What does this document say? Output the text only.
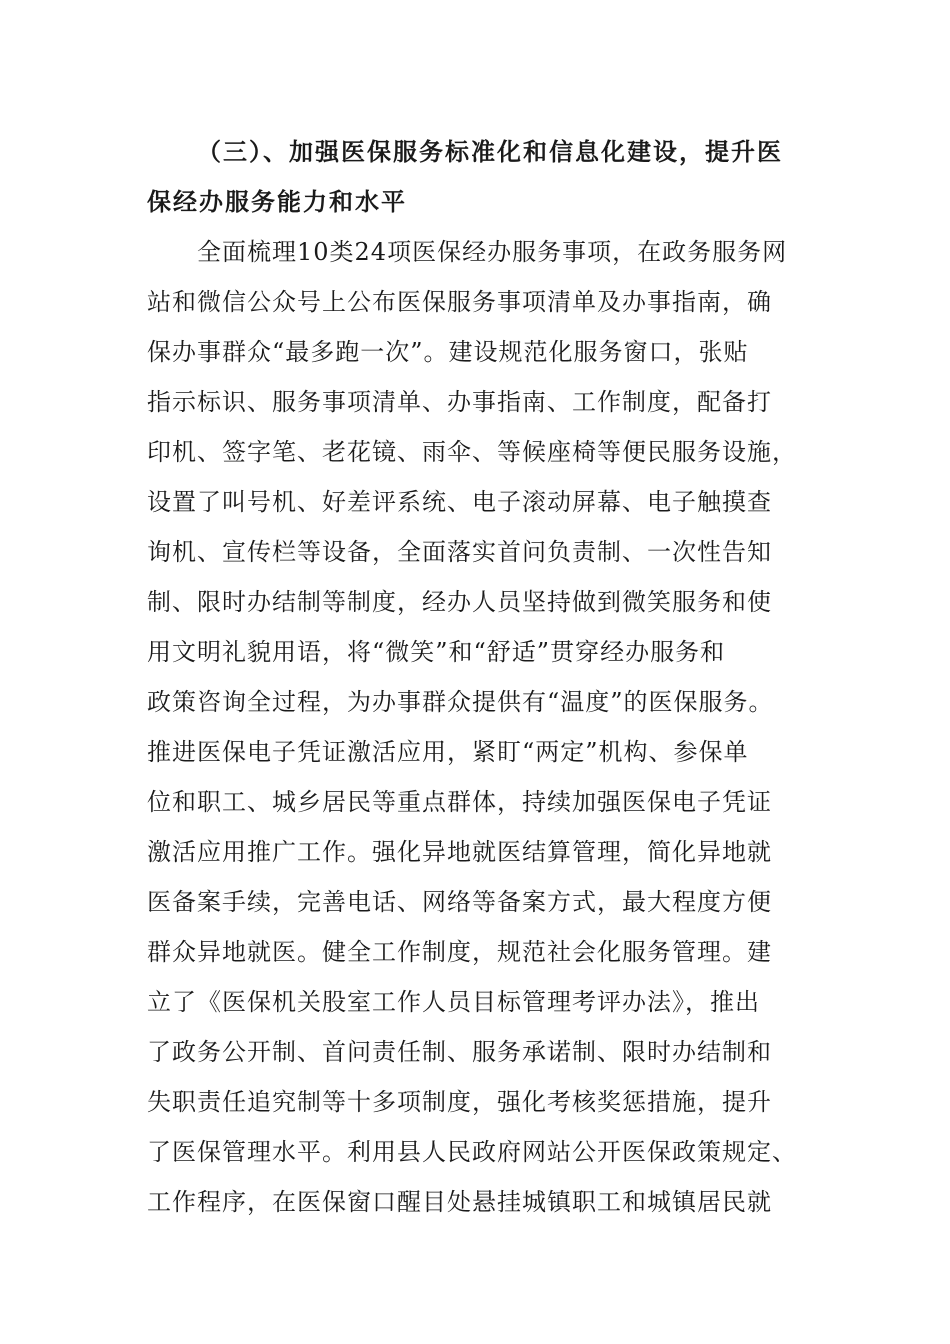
（三）、加强医保服务标准化和信息化建设，提升医
保经办服务能力和水平
全面梳理10类24项医保经办服务事项，在政务服务网
站和微信公众号上公布医保服务事项清单及办事指南，确
保办事群众“最多跑一次”。建设规范化服务窗口，张贴
指示标识、服务事项清单、办事指南、工作制度，配备打
印机、签字笔、老花镜、雨伞、等候座椅等便民服务设施，
设置了叫号机、好差评系统、电子滚动屏幕、电子触摸查
询机、宣传栏等设备，全面落实首问负责制、一次性告知
制、限时办结制等制度，经办人员坚持做到微笑服务和使
用文明礼貌用语，将“微笑”和“舒适”贯穿经办服务和
政策咨询全过程，为办事群众提供有“温度”的医保服务。
推进医保电子凭证激活应用，紧盯“两定”机构、参保单
位和职工、城乡居民等重点群体，持续加强医保电子凭证
激活应用推广工作。强化异地就医结算管理，简化异地就
医备案手续，完善电话、网络等备案方式，最大程度方便
群众异地就医。健全工作制度，规范社会化服务管理。建
立了《医保机关股室工作人员目标管理考评办法》，推出
了政务公开制、首问责任制、服务承诺制、限时办结制和
失职责任追究制等十多项制度，强化考核奖惩措施，提升
了医保管理水平。利用县人民政府网站公开医保政策规定、
工作程序，在医保窗口醒目处悬挂城镇职工和城镇居民就
